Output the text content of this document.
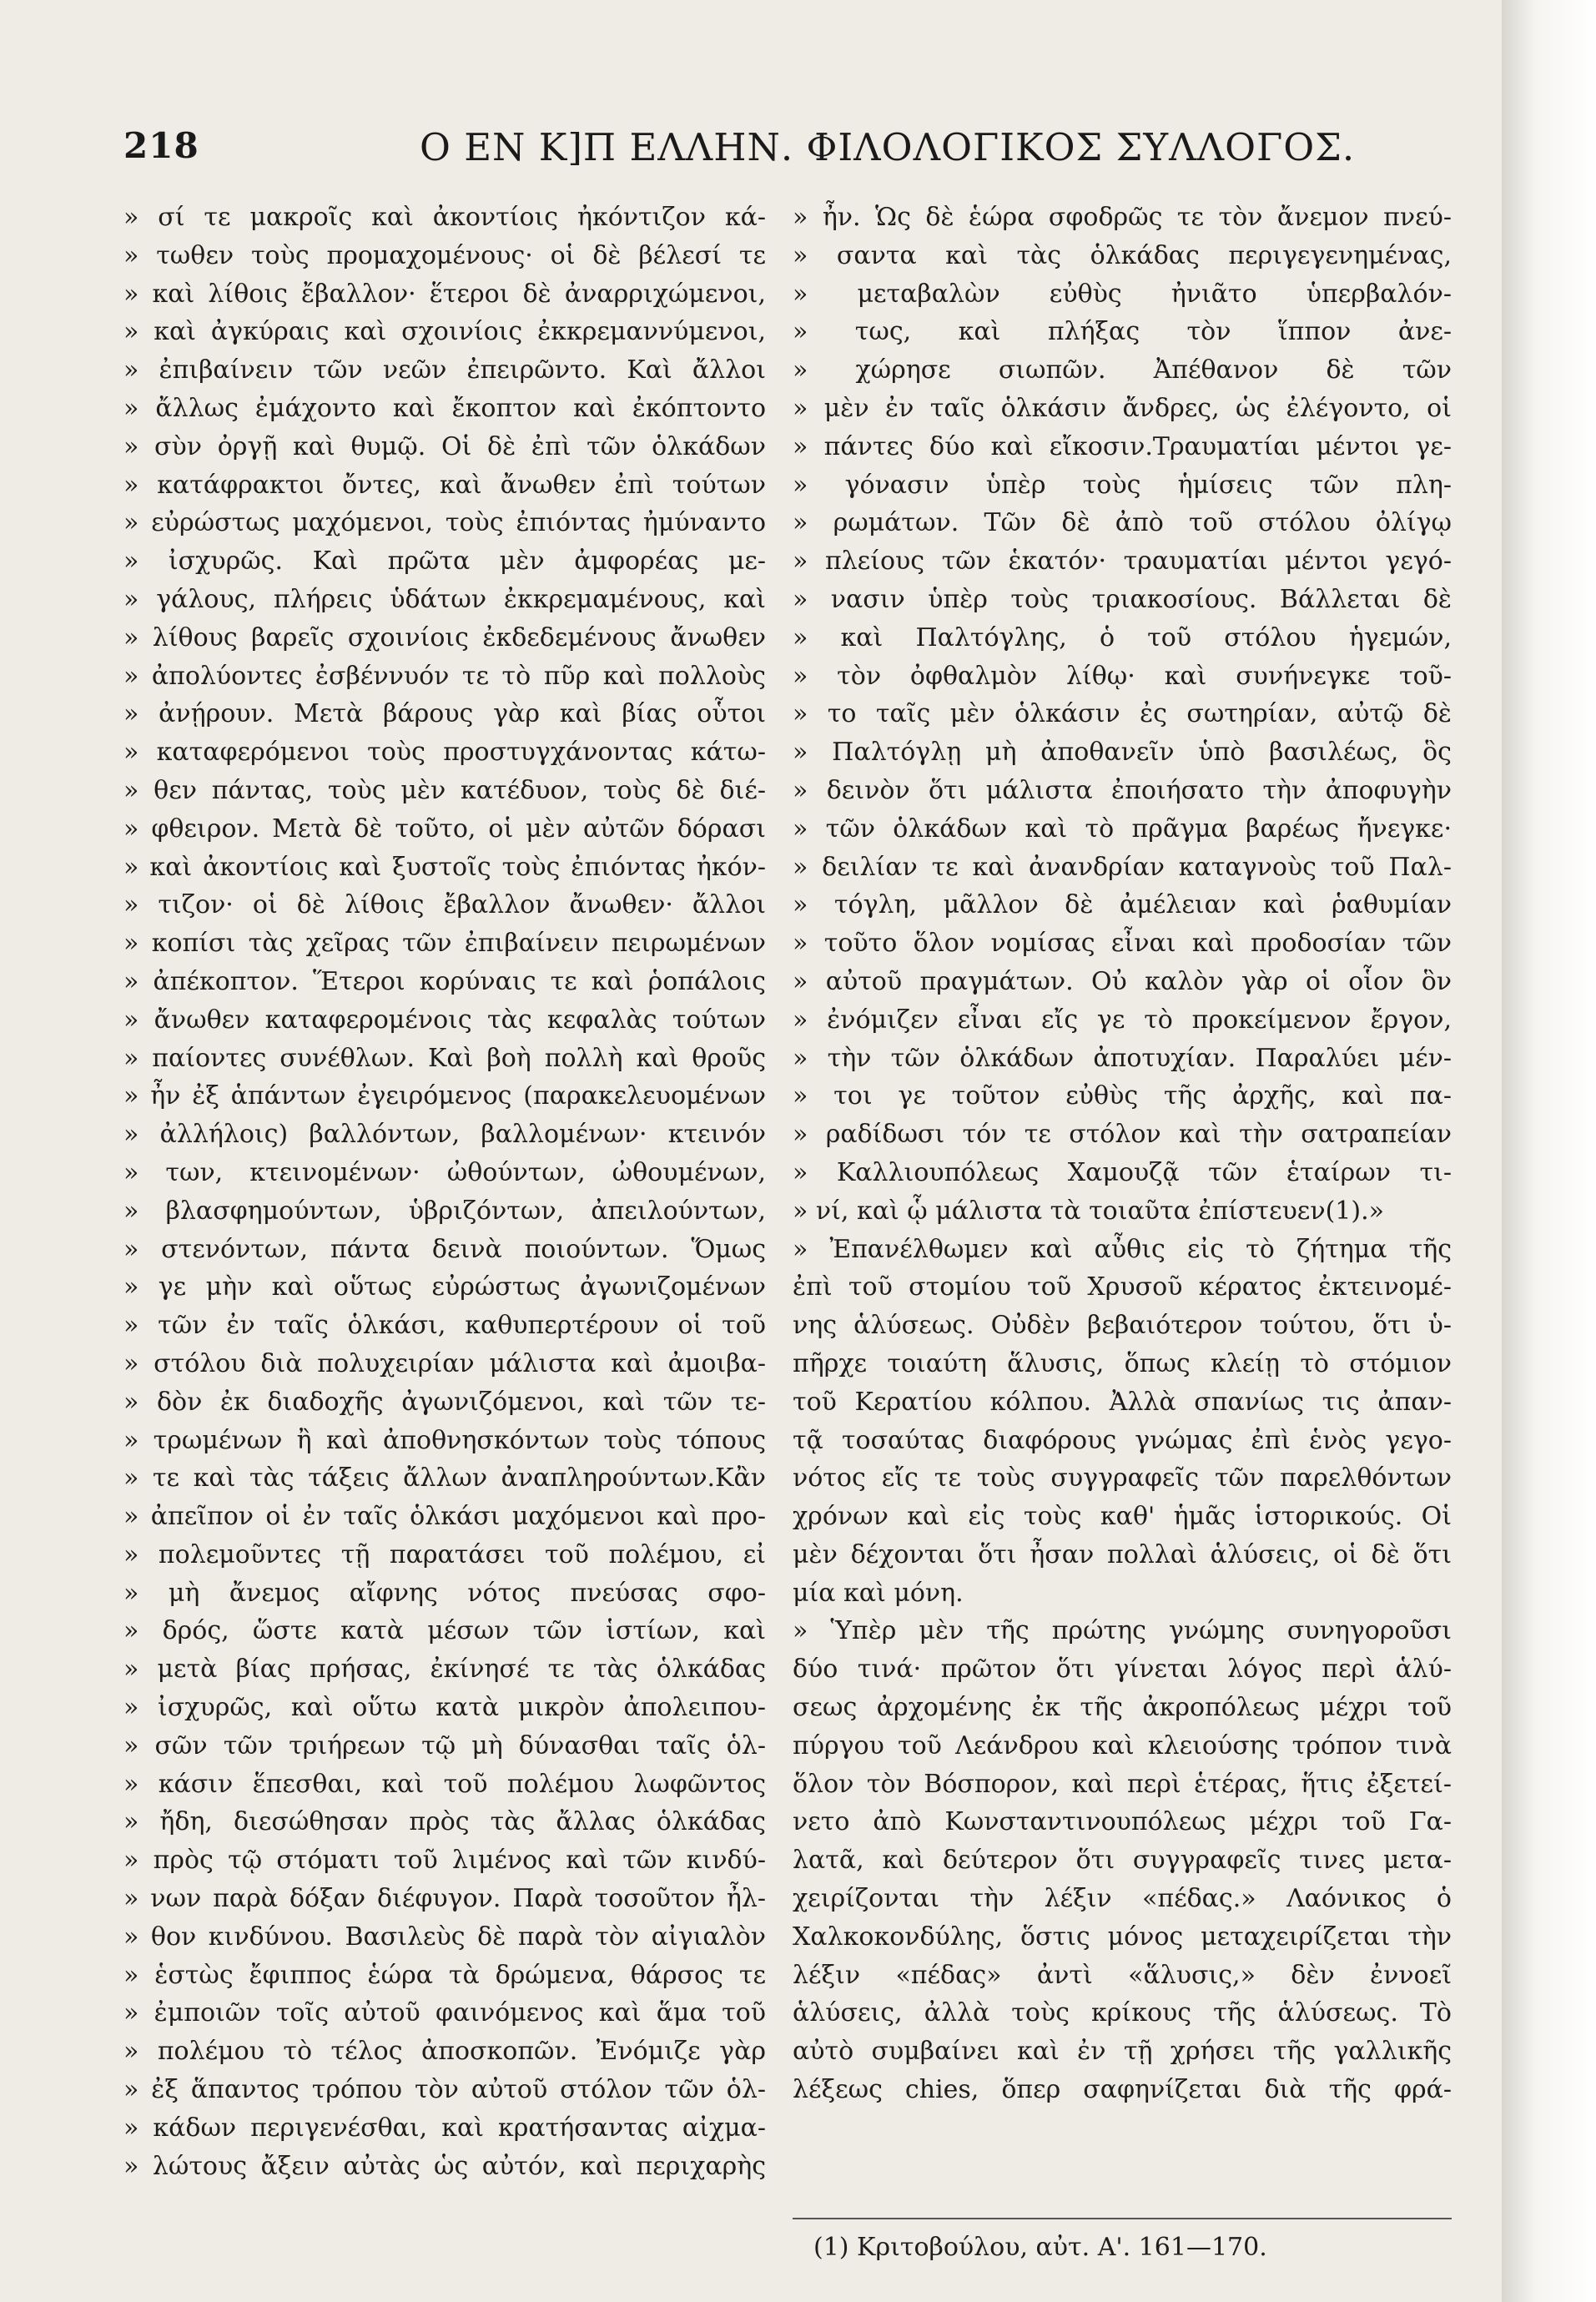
218	Ο ΕΝ Κ]Π ΕΛΛΗΝ. ΦΙΛΟΛΟΓΙΚΟΣ ΣΥΛΛΟΓΟΣ.
» σί τε μακροῖς καὶ ἀκοντίοις ἠκόντιζον κά-
» τωθεν τοὺς προμαχομένους· οἱ δὲ βέλεσί τε
» καὶ λίθοις ἔβαλλον· ἕτεροι δὲ ἀναρριχώμενοι,
» καὶ ἀγκύραις καὶ σχοινίοις ἐκκρεμαννύμενοι,
» ἐπιβαίνειν τῶν νεῶν ἐπειρῶντο. Καὶ ἄλλοι
» ἄλλως ἐμάχοντο καὶ ἔκοπτον καὶ ἐκόπτοντο
» σὺν ὀργῇ καὶ θυμῷ. Οἱ δὲ ἐπὶ τῶν ὁλκάδων
» κατάφρακτοι ὄντες, καὶ ἄνωθεν ἐπὶ τούτων
» εὐρώστως μαχόμενοι, τοὺς ἐπιόντας ἠμύναντο
» ἰσχυρῶς. Καὶ πρῶτα μὲν ἀμφορέας με-
» γάλους, πλήρεις ὑδάτων ἐκκρεμαμένους, καὶ
» λίθους βαρεῖς σχοινίοις ἐκδεδεμένους ἄνωθεν
» ἀπολύοντες ἐσβέννυόν τε τὸ πῦρ καὶ πολλοὺς
» ἀνῄρουν. Μετὰ βάρους γὰρ καὶ βίας οὗτοι
» καταφερόμενοι τοὺς προστυγχάνοντας κάτω-
» θεν πάντας, τοὺς μὲν κατέδυον, τοὺς δὲ διέ-
» φθειρον. Μετὰ δὲ τοῦτο, οἱ μὲν αὐτῶν δόρασι
» καὶ ἀκοντίοις καὶ ξυστοῖς τοὺς ἐπιόντας ἠκόν-
» τιζον· οἱ δὲ λίθοις ἔβαλλον ἄνωθεν· ἄλλοι
» κοπίσι τὰς χεῖρας τῶν ἐπιβαίνειν πειρωμένων
» ἀπέκοπτον. Ἕτεροι κορύναις τε καὶ ῥοπάλοις
» ἄνωθεν καταφερομένοις τὰς κεφαλὰς τούτων
» παίοντες συνέθλων. Καὶ βοὴ πολλὴ καὶ θροῦς
» ἦν ἐξ ἁπάντων ἐγειρόμενος (παρακελευομένων
» ἀλλήλοις) βαλλόντων, βαλλομένων· κτεινόν
» των, κτεινομένων· ὠθούντων, ὠθουμένων,
» βλασφημούντων, ὑβριζόντων, ἀπειλούντων,
» στενόντων, πάντα δεινὰ ποιούντων. Ὅμως
» γε μὴν καὶ οὕτως εὐρώστως ἀγωνιζομένων
» τῶν ἐν ταῖς ὁλκάσι, καθυπερτέρουν οἱ τοῦ
» στόλου διὰ πολυχειρίαν μάλιστα καὶ ἀμοιβα-
» δὸν ἐκ διαδοχῆς ἀγωνιζόμενοι, καὶ τῶν τε-
» τρωμένων ἢ καὶ ἀποθνησκόντων τοὺς τόπους
» τε καὶ τὰς τάξεις ἄλλων ἀναπληρούντων.Κἂν
» ἀπεῖπον οἱ ἐν ταῖς ὁλκάσι μαχόμενοι καὶ προ-
» πολεμοῦντες τῇ παρατάσει τοῦ πολέμου, εἰ
» μὴ ἄνεμος αἴφνης νότος πνεύσας σφο-
» δρός, ὥστε κατὰ μέσων τῶν ἱστίων, καὶ
» μετὰ βίας πρήσας, ἐκίνησέ τε τὰς ὁλκάδας
» ἰσχυρῶς, καὶ οὕτω κατὰ μικρὸν ἀπολειπου-
» σῶν τῶν τριήρεων τῷ μὴ δύνασθαι ταῖς ὁλ-
» κάσιν ἕπεσθαι, καὶ τοῦ πολέμου λωφῶντος
» ἤδη, διεσώθησαν πρὸς τὰς ἄλλας ὁλκάδας
» πρὸς τῷ στόματι τοῦ λιμένος καὶ τῶν κινδύ-
» νων παρὰ δόξαν διέφυγον. Παρὰ τοσοῦτον ἦλ-
» θον κινδύνου. Βασιλεὺς δὲ παρὰ τὸν αἰγιαλὸν
» ἑστὼς ἔφιππος ἑώρα τὰ δρώμενα, θάρσος τε
» ἐμποιῶν τοῖς αὐτοῦ φαινόμενος καὶ ἅμα τοῦ
» πολέμου τὸ τέλος ἀποσκοπῶν. Ἐνόμιζε γὰρ
» ἐξ ἅπαντος τρόπου τὸν αὐτοῦ στόλον τῶν ὁλ-
» κάδων περιγενέσθαι, καὶ κρατήσαντας αἰχμα-
» λώτους ἄξειν αὐτὰς ὡς αὐτόν, καὶ περιχαρὴς
» ἦν. Ὡς δὲ ἑώρα σφοδρῶς τε τὸν ἄνεμον πνεύ-
» σαντα καὶ τὰς ὁλκάδας περιγεγενημένας,
» μεταβαλὼν εὐθὺς ἠνιᾶτο ὑπερβαλόν-
» τως, καὶ πλήξας τὸν ἵππον ἀνε-
» χώρησε σιωπῶν. Ἀπέθανον δὲ τῶν
» μὲν ἐν ταῖς ὁλκάσιν ἄνδρες, ὡς ἐλέγοντο, οἱ
» πάντες δύο καὶ εἴκοσιν.Τραυματίαι μέντοι γε-
» γόνασιν ὑπὲρ τοὺς ἡμίσεις τῶν πλη-
» ρωμάτων. Τῶν δὲ ἀπὸ τοῦ στόλου ὀλίγῳ
» πλείους τῶν ἑκατόν· τραυματίαι μέντοι γεγό-
» νασιν ὑπὲρ τοὺς τριακοσίους. Βάλλεται δὲ
» καὶ Παλτόγλης, ὁ τοῦ στόλου ἡγεμών,
» τὸν ὀφθαλμὸν λίθῳ· καὶ συνήνεγκε τοῦ-
» το ταῖς μὲν ὁλκάσιν ἐς σωτηρίαν, αὐτῷ δὲ
» Παλτόγλῃ μὴ ἀποθανεῖν ὑπὸ βασιλέως, ὃς
» δεινὸν ὅτι μάλιστα ἐποιήσατο τὴν ἀποφυγὴν
» τῶν ὁλκάδων καὶ τὸ πρᾶγμα βαρέως ἤνεγκε·
» δειλίαν τε καὶ ἀνανδρίαν καταγνοὺς τοῦ Παλ-
» τόγλη, μᾶλλον δὲ ἀμέλειαν καὶ ῥαθυμίαν
» τοῦτο ὅλον νομίσας εἶναι καὶ προδοσίαν τῶν
» αὐτοῦ πραγμάτων. Οὐ καλὸν γὰρ οἱ οἷον ὃν
» ἐνόμιζεν εἶναι εἴς γε τὸ προκείμενον ἔργον,
» τὴν τῶν ὁλκάδων ἀποτυχίαν. Παραλύει μέν-
» τοι γε τοῦτον εὐθὺς τῆς ἀρχῆς, καὶ πα-
» ραδίδωσι τόν τε στόλον καὶ τὴν σατραπείαν
» Καλλιουπόλεως Χαμουζᾷ τῶν ἑταίρων τι-
» νί, καὶ ᾧ μάλιστα τὰ τοιαῦτα ἐπίστευεν(1).»
» Ἐπανέλθωμεν καὶ αὖθις εἰς τὸ ζήτημα τῆς
ἐπὶ τοῦ στομίου τοῦ Χρυσοῦ κέρατος ἐκτεινομέ-
νης ἁλύσεως. Οὐδὲν βεβαιότερον τούτου, ὅτι ὑ-
πῆρχε τοιαύτη ἅλυσις, ὅπως κλείῃ τὸ στόμιον
τοῦ Κερατίου κόλπου. Ἀλλὰ σπανίως τις ἀπαν-
τᾷ τοσαύτας διαφόρους γνώμας ἐπὶ ἑνὸς γεγο-
νότος εἴς τε τοὺς συγγραφεῖς τῶν παρελθόντων
χρόνων καὶ εἰς τοὺς καθ' ἡμᾶς ἱστορικούς. Οἱ
μὲν δέχονται ὅτι ἦσαν πολλαὶ ἁλύσεις, οἱ δὲ ὅτι
μία καὶ μόνη.
» Ὑπὲρ μὲν τῆς πρώτης γνώμης συνηγοροῦσι
δύο τινά· πρῶτον ὅτι γίνεται λόγος περὶ ἁλύ-
σεως ἀρχομένης ἐκ τῆς ἀκροπόλεως μέχρι τοῦ
πύργου τοῦ Λεάνδρου καὶ κλειούσης τρόπον τινὰ
ὅλον τὸν Βόσπορον, καὶ περὶ ἑτέρας, ἥτις ἐξετεί-
νετο ἀπὸ Κωνσταντινουπόλεως μέχρι τοῦ Γα-
λατᾶ, καὶ δεύτερον ὅτι συγγραφεῖς τινες μετα-
χειρίζονται τὴν λέξιν «πέδας.» Λαόνικος ὁ
Χαλκοκονδύλης, ὅστις μόνος μεταχειρίζεται τὴν
λέξιν «πέδας» ἀντὶ «ἅλυσις,» δὲν ἐννοεῖ
ἁλύσεις, ἀλλὰ τοὺς κρίκους τῆς ἁλύσεως. Τὸ
αὐτὸ συμβαίνει καὶ ἐν τῇ χρήσει τῆς γαλλικῆς
λέξεως chies, ὅπερ σαφηνίζεται διὰ τῆς φρά-
(1) Κριτοβούλου, αὐτ. Α'. 161—170.
